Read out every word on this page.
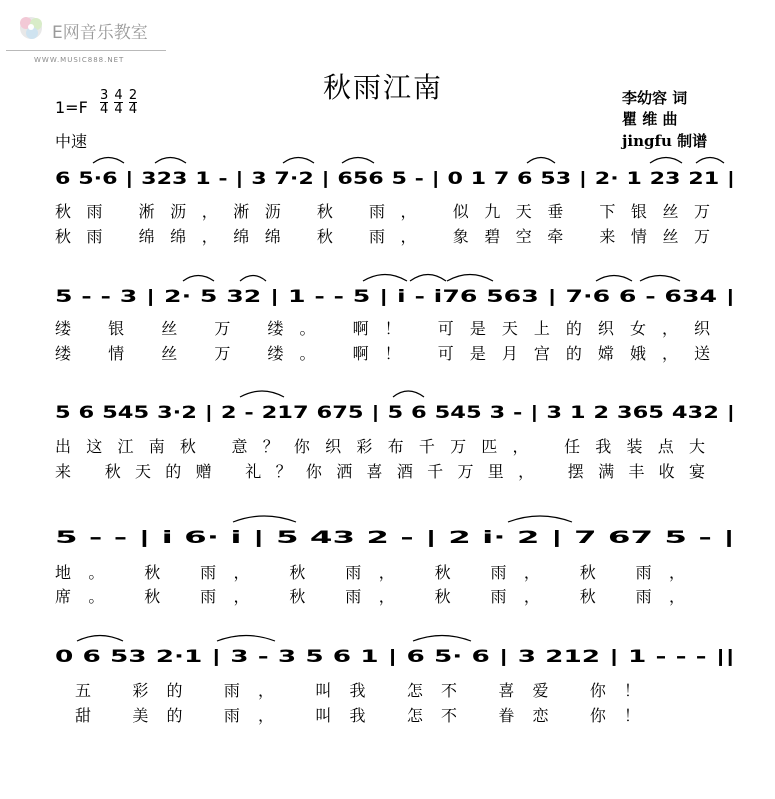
E网音乐教室
WWW.MUSIC888.NET
秋雨江南	李幼容 词
瞿 维 曲
jingfu 制谱
$1=F \frac{3}{4}$
$\frac{4}{4}$
$\frac{2}{4}$
中速
6 5·6 | 323 1 - | 3 7·2 | 656 5 - | 0 1 7 6 53 | 2· 1 23 21 |
秋雨 淅沥，淅沥 秋 雨， 似九天垂 下银丝万
秋雨 绵绵，绵绵 秋 雨， 象碧空牵 来情丝万
5 - - 3 | 2· 5 32 | 1 - - 5 | i - i76 563 | 7·6 6 - 634 |
缕 银 丝 万 缕。 啊！ 可是天上的织女，织
缕 情 丝 万 缕。 啊！ 可是月宫的嫦娥，送
5 6 545 3·2 | 2 - 217 675 | 5 6 545 3 - | 3 1 2 365 432 |
出这江南秋 意？你织彩布千万匹， 任我装点大
来 秋天的赠 礼？你洒喜酒千万里， 摆满丰收宴
5 - - | i 6· i | 5 43 2 - | 2 i· 2 | 7 67 5 - |
地。 秋 雨， 秋 雨， 秋 雨， 秋 雨，
席。 秋 雨， 秋 雨， 秋 雨， 秋 雨，
0 6 53 2·1 | 3 - 3 5 6 1 | 6 5· 6 | 3 212 | 1 - - - ||
五 彩的 雨， 叫我 怎不 喜爱 你！
甜 美的 雨， 叫我 怎不 眷恋 你！
